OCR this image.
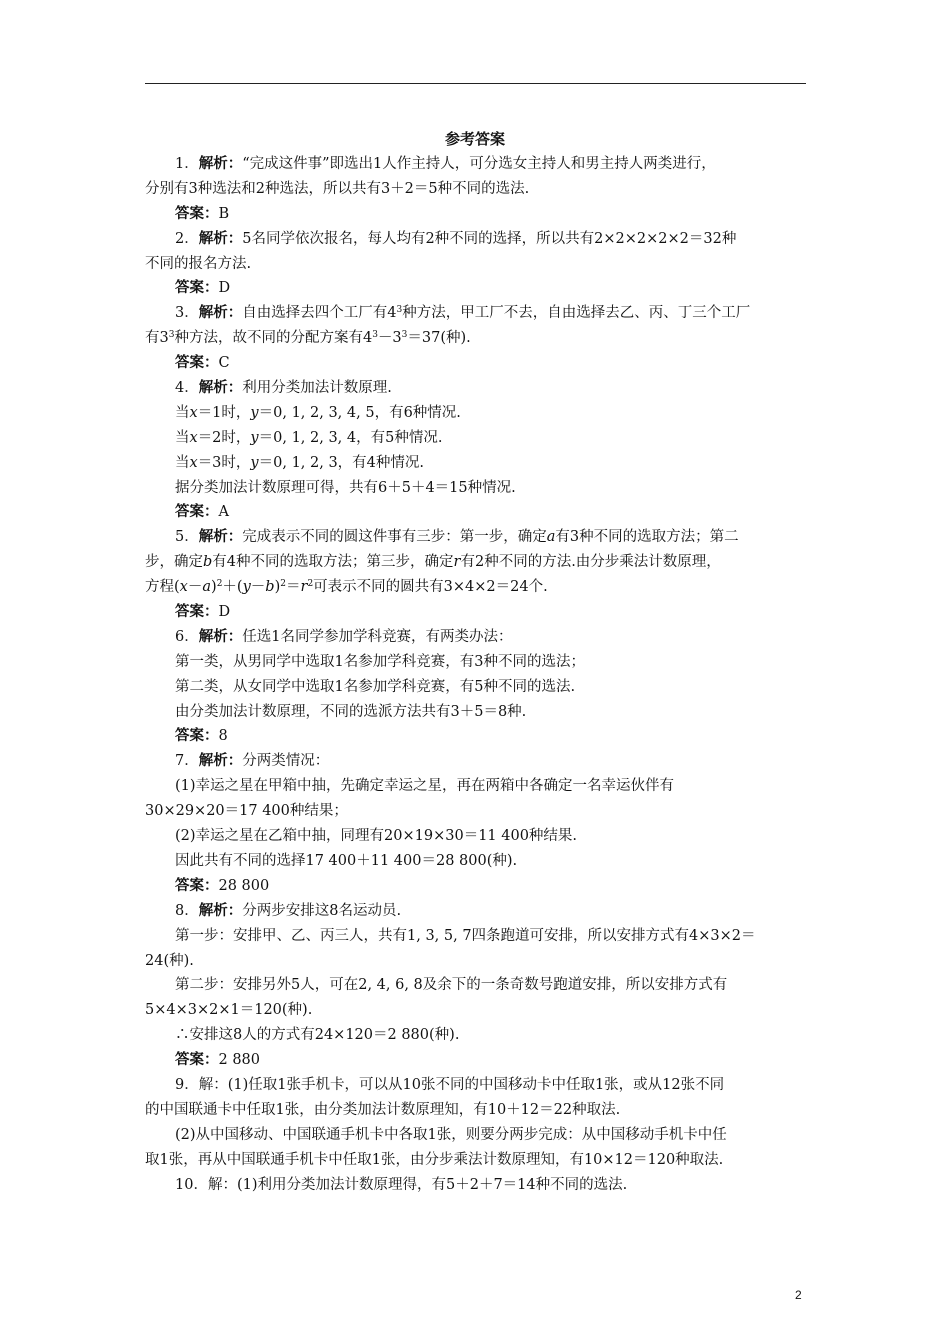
参考答案
1．解析：“完成这件事”即选出1人作主持人，可分选女主持人和男主持人两类进行，
分别有3种选法和2种选法，所以共有3＋2＝5种不同的选法.
答案：B
2．解析：5名同学依次报名，每人均有2种不同的选择，所以共有2×2×2×2×2＝32种
不同的报名方法.
答案：D
3．解析：自由选择去四个工厂有$4^3$种方法，甲工厂不去，自由选择去乙、丙、丁三个工厂
有$3^3$种方法，故不同的分配方案有$4^3-3^3=37$(种).
答案：C
4．解析：利用分类加法计数原理.
当x＝1时，y＝0, 1, 2, 3, 4, 5，有6种情况.
当x＝2时，y＝0, 1, 2, 3, 4，有5种情况.
当x＝3时，y＝0, 1, 2, 3，有4种情况.
据分类加法计数原理可得，共有6＋5＋4＝15种情况.
答案：A
5．解析：完成表示不同的圆这件事有三步：第一步，确定a有3种不同的选取方法；第二
步，确定b有4种不同的选取方法；第三步，确定r有2种不同的方法.由分步乘法计数原理，
方程$(x-a)^2+(y-b)^2=r^2$可表示不同的圆共有3×4×2＝24个.
答案：D
6．解析：任选1名同学参加学科竞赛，有两类办法：
第一类，从男同学中选取1名参加学科竞赛，有3种不同的选法；
第二类，从女同学中选取1名参加学科竞赛，有5种不同的选法.
由分类加法计数原理，不同的选派方法共有3＋5＝8种.
答案：8
7．解析：分两类情况：
(1)幸运之星在甲箱中抽，先确定幸运之星，再在两箱中各确定一名幸运伙伴有
30×29×20＝17 400种结果；
(2)幸运之星在乙箱中抽，同理有20×19×30＝11 400种结果.
因此共有不同的选择17 400＋11 400＝28 800(种).
答案：28 800
8．解析：分两步安排这8名运动员.
第一步：安排甲、乙、丙三人，共有1, 3, 5, 7四条跑道可安排，所以安排方式有4×3×2＝
24(种).
第二步：安排另外5人，可在2, 4, 6, 8及余下的一条奇数号跑道安排，所以安排方式有
5×4×3×2×1＝120(种).
∴安排这8人的方式有24×120＝2 880(种).
答案：2 880
9．解：(1)任取1张手机卡，可以从10张不同的中国移动卡中任取1张，或从12张不同
的中国联通卡中任取1张，由分类加法计数原理知，有10＋12＝22种取法.
(2)从中国移动、中国联通手机卡中各取1张，则要分两步完成：从中国移动手机卡中任
取1张，再从中国联通手机卡中任取1张，由分步乘法计数原理知，有10×12＝120种取法.
10．解：(1)利用分类加法计数原理得，有5＋2＋7＝14种不同的选法.
2
